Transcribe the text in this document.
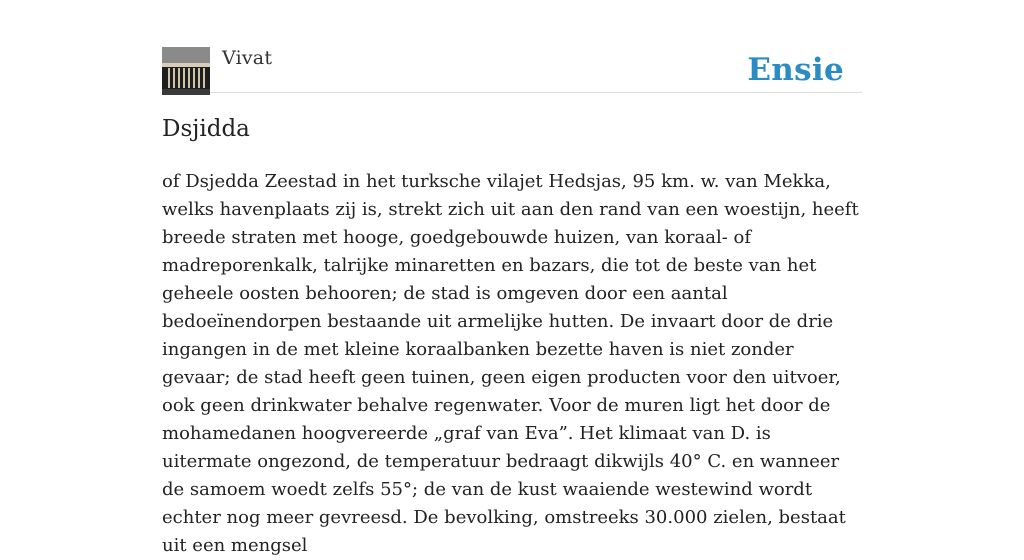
Vivat	Ensie
Dsjidda

of Dsjedda Zeestad in het turksche vilajet Hedsjas, 95 km. w. van Mekka, welks havenplaats zij is, strekt zich uit aan den rand van een woestijn, heeft breede straten met hooge, goedgebouwde huizen, van koraal- of madreporenkalk, talrijke minaretten en bazars, die tot de beste van het geheele oosten behooren; de stad is omgeven door een aantal bedoeïnendorpen bestaande uit armelijke hutten. De invaart door de drie ingangen in de met kleine koraalbanken bezette haven is niet zonder gevaar; de stad heeft geen tuinen, geen eigen producten voor den uitvoer, ook geen drinkwater behalve regenwater. Voor de muren ligt het door de mohamedanen hoogvereerde „graf van Eva”. Het klimaat van D. is uitermate ongezond, de temperatuur bedraagt dikwijls 40° C. en wanneer de samoem woedt zelfs 55°; de van de kust waaiende westewind wordt echter nog meer gevreesd. De bevolking, omstreeks 30.000 zielen, bestaat uit een mengsel
